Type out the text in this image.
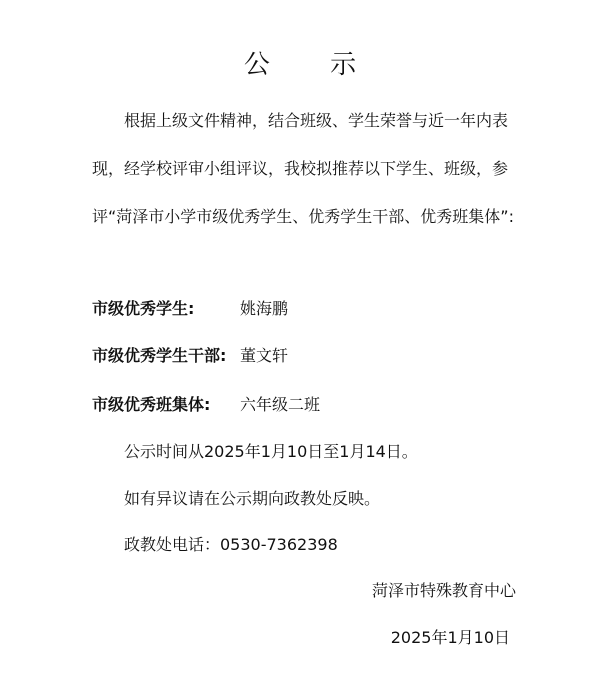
公 示

根据上级文件精神，结合班级、学生荣誉与近一年内表现，经学校评审小组评议，我校拟推荐以下学生、班级，参评“菏泽市小学市级优秀学生、优秀学生干部、优秀班集体”:

市级优秀学生:	姚海鹏
市级优秀学生干部: 董文轩
市级优秀班集体: 六年级二班
公示时间从2025年1月10日至1月14日。
如有异议请在公示期向政教处反映。
政教处电话：0530-7362398
菏泽市特殊教育中心
2025年1月10日
